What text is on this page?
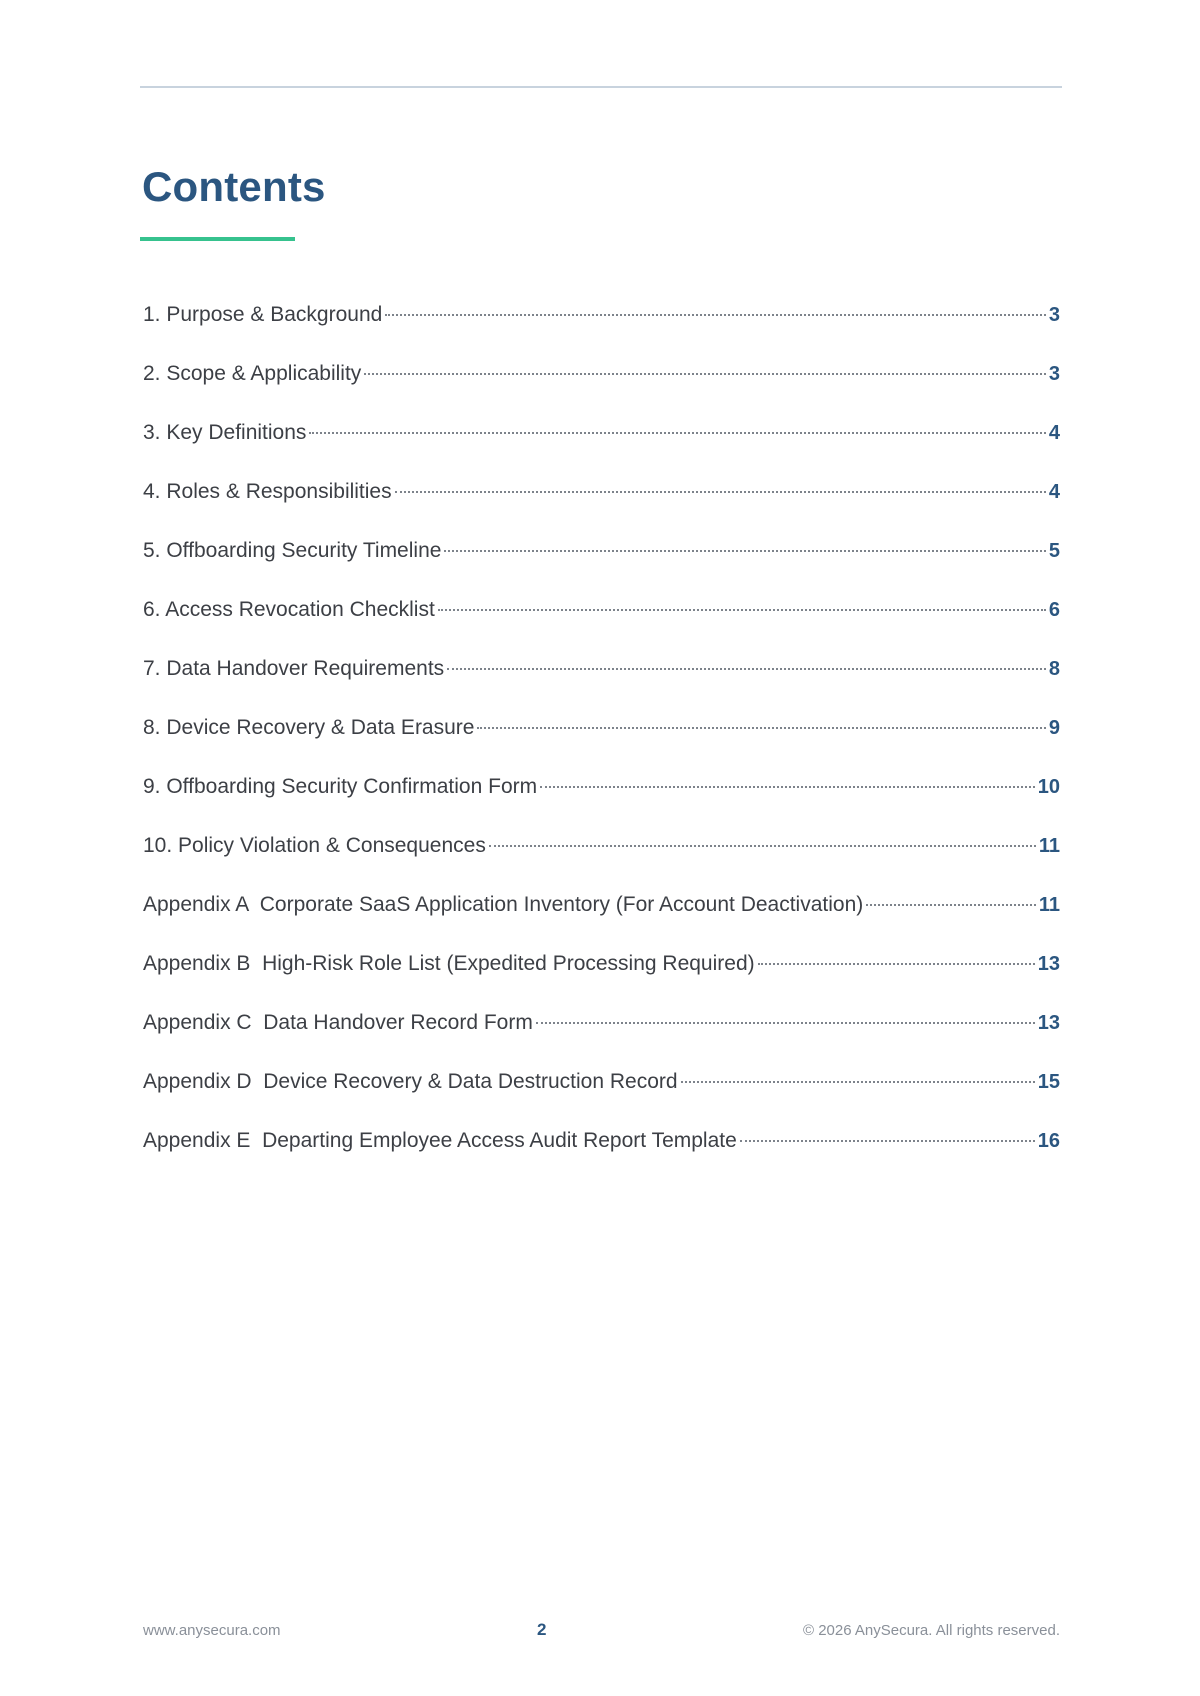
Contents
1. Purpose & Background	3
2. Scope & Applicability	3
3. Key Definitions	4
4. Roles & Responsibilities	4
5. Offboarding Security Timeline	5
6. Access Revocation Checklist	6
7. Data Handover Requirements	8
8. Device Recovery & Data Erasure	9
9. Offboarding Security Confirmation Form	10
10. Policy Violation & Consequences	11
Appendix A  Corporate SaaS Application Inventory (For Account Deactivation)	11
Appendix B  High-Risk Role List (Expedited Processing Required)	13
Appendix C  Data Handover Record Form	13
Appendix D  Device Recovery & Data Destruction Record	15
Appendix E  Departing Employee Access Audit Report Template	16
www.anysecura.com	2	© 2026 AnySecura. All rights reserved.
